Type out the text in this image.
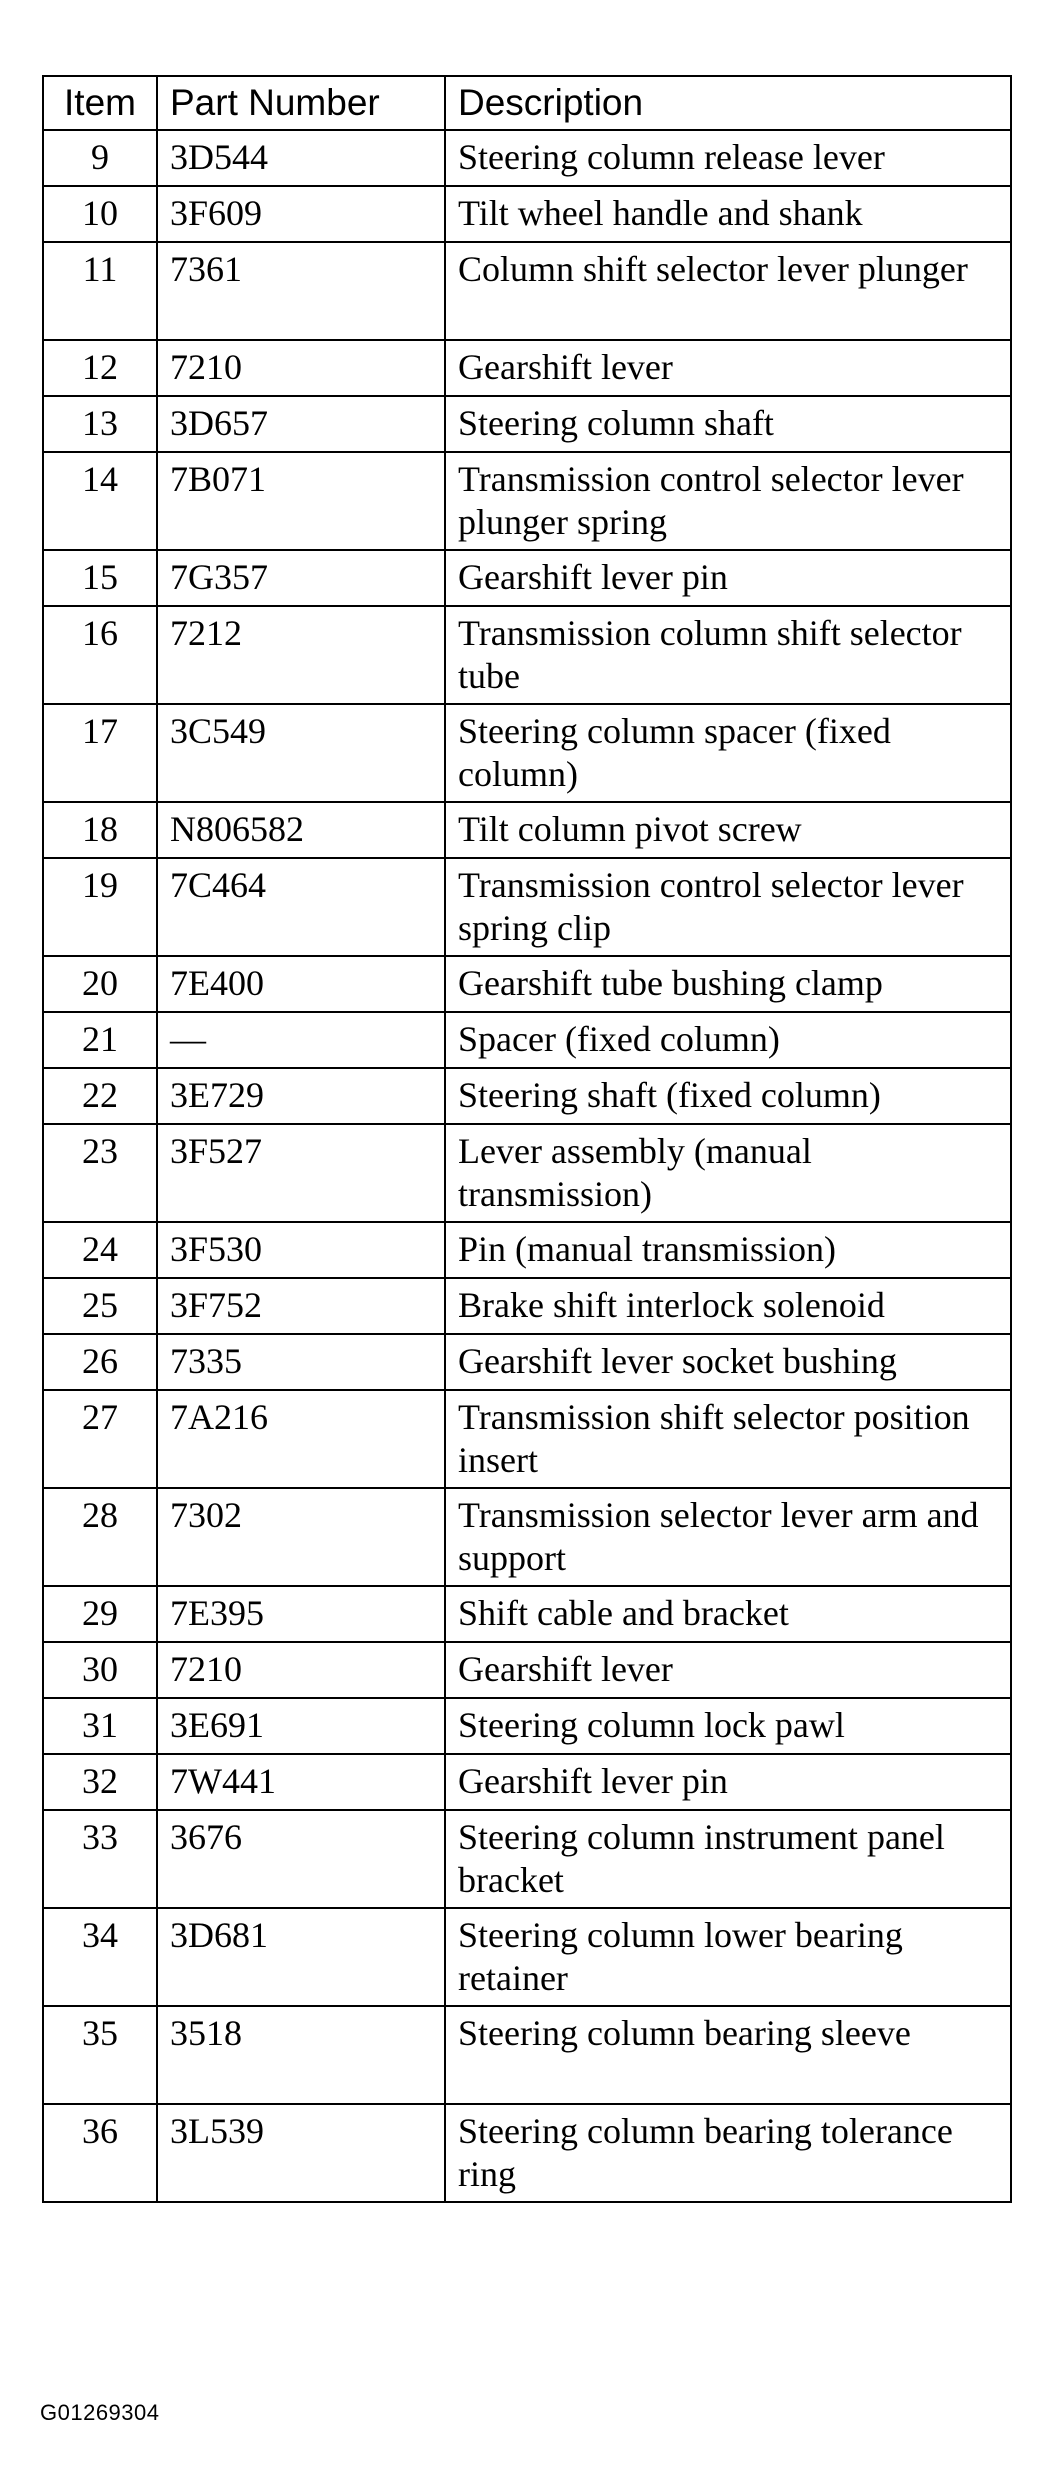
Item	Part Number	Description
9	3D544	Steering column release lever
10	3F609	Tilt wheel handle and shank
11	7361	Column shift selector lever plunger
12	7210	Gearshift lever
13	3D657	Steering column shaft
14	7B071	Transmission control selector lever plunger spring
15	7G357	Gearshift lever pin
16	7212	Transmission column shift selector tube
17	3C549	Steering column spacer (fixed column)
18	N806582	Tilt column pivot screw
19	7C464	Transmission control selector lever spring clip
20	7E400	Gearshift tube bushing clamp
21	—	Spacer (fixed column)
22	3E729	Steering shaft (fixed column)
23	3F527	Lever assembly (manual transmission)
24	3F530	Pin (manual transmission)
25	3F752	Brake shift interlock solenoid
26	7335	Gearshift lever socket bushing
27	7A216	Transmission shift selector position insert
28	7302	Transmission selector lever arm and support
29	7E395	Shift cable and bracket
30	7210	Gearshift lever
31	3E691	Steering column lock pawl
32	7W441	Gearshift lever pin
33	3676	Steering column instrument panel bracket
34	3D681	Steering column lower bearing retainer
35	3518	Steering column bearing sleeve
36	3L539	Steering column bearing tolerance ring
G01269304
